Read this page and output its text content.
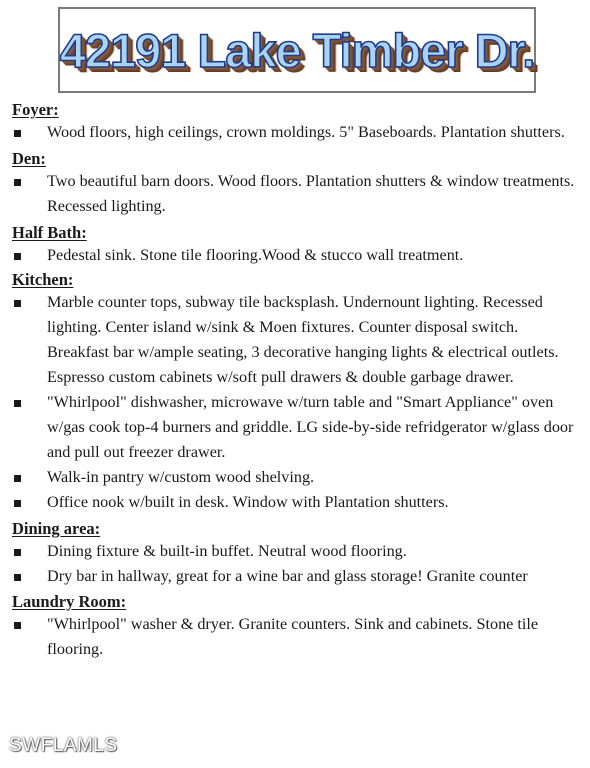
42191 Lake Timber Dr.
Foyer:
Wood floors, high ceilings, crown moldings. 5" Baseboards. Plantation shutters.
Den:
Two beautiful barn doors. Wood floors. Plantation shutters & window treatments. Recessed lighting.
Half Bath:
Pedestal sink. Stone tile flooring.Wood & stucco wall treatment.
Kitchen:
Marble counter tops, subway tile backsplash. Undernount lighting. Recessed lighting. Center island w/sink & Moen fixtures. Counter disposal switch. Breakfast bar w/ample seating, 3 decorative hanging lights & electrical outlets. Espresso custom cabinets w/soft pull drawers & double garbage drawer.
"Whirlpool" dishwasher, microwave w/turn table and "Smart Appliance" oven w/gas cook top-4 burners and griddle. LG side-by-side refridgerator w/glass door and pull out freezer drawer.
Walk-in pantry w/custom wood shelving.
Office nook w/built in desk. Window with Plantation shutters.
Dining area:
Dining fixture & built-in buffet. Neutral wood flooring.
Dry bar in hallway, great for a wine bar and glass storage! Granite counter
Laundry Room:
"Whirlpool" washer & dryer. Granite counters. Sink and cabinets. Stone tile flooring.
SWFLAMLS
